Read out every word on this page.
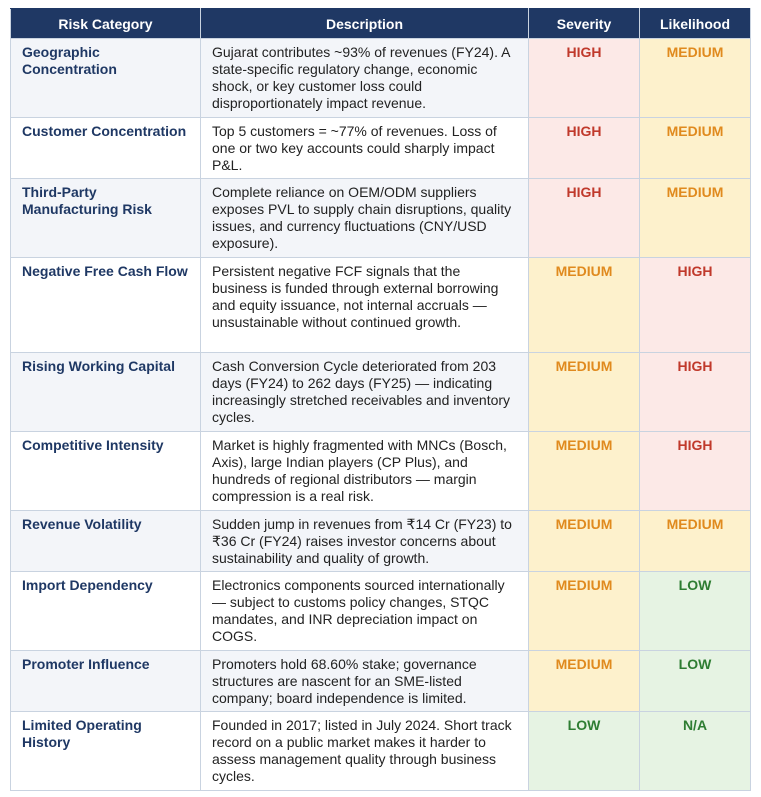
Risk Category	Description	Severity	Likelihood
Geographic Concentration	Gujarat contributes ~93% of revenues (FY24). A state-specific regulatory change, economic shock, or key customer loss could disproportionately impact revenue.	HIGH	MEDIUM
Customer Concentration	Top 5 customers = ~77% of revenues. Loss of one or two key accounts could sharply impact P&L.	HIGH	MEDIUM
Third-Party Manufacturing Risk	Complete reliance on OEM/ODM suppliers exposes PVL to supply chain disruptions, quality issues, and currency fluctuations (CNY/USD exposure).	HIGH	MEDIUM
Negative Free Cash Flow	Persistent negative FCF signals that the business is funded through external borrowing and equity issuance, not internal accruals — unsustainable without continued growth.	MEDIUM	HIGH
Rising Working Capital	Cash Conversion Cycle deteriorated from 203 days (FY24) to 262 days (FY25) — indicating increasingly stretched receivables and inventory cycles.	MEDIUM	HIGH
Competitive Intensity	Market is highly fragmented with MNCs (Bosch, Axis), large Indian players (CP Plus), and hundreds of regional distributors — margin compression is a real risk.	MEDIUM	HIGH
Revenue Volatility	Sudden jump in revenues from ₹14 Cr (FY23) to ₹36 Cr (FY24) raises investor concerns about sustainability and quality of growth.	MEDIUM	MEDIUM
Import Dependency	Electronics components sourced internationally — subject to customs policy changes, STQC mandates, and INR depreciation impact on COGS.	MEDIUM	LOW
Promoter Influence	Promoters hold 68.60% stake; governance structures are nascent for an SME-listed company; board independence is limited.	MEDIUM	LOW
Limited Operating History	Founded in 2017; listed in July 2024. Short track record on a public market makes it harder to assess management quality through business cycles.	LOW	N/A
